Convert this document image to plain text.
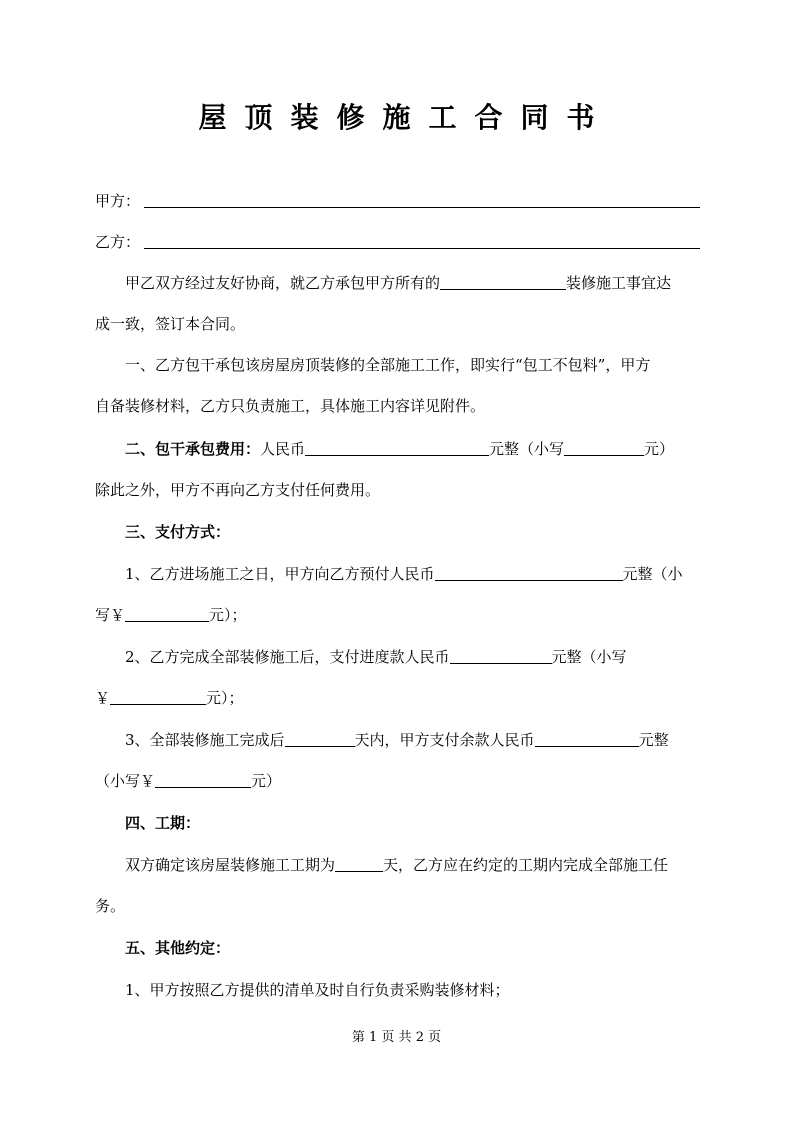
屋顶装修施工合同书
甲方：
乙方：
甲乙双方经过友好协商，就乙方承包甲方所有的	装修施工事宜达
成一致，签订本合同。
一、乙方包干承包该房屋房顶装修的全部施工工作，即实行“包工不包料”，甲方
自备装修材料，乙方只负责施工，具体施工内容详见附件。
二、包干承包费用：人民币	元整（小写	元）
除此之外，甲方不再向乙方支付任何费用。
三、支付方式：
1、乙方进场施工之日，甲方向乙方预付人民币	元整（小
写￥	元）；
2、乙方完成全部装修施工后，支付进度款人民币	元整（小写
￥	元）；
3、全部装修施工完成后	天内，甲方支付余款人民币	元整
（小写￥	元）
四、工期：
双方确定该房屋装修施工工期为	天，乙方应在约定的工期内完成全部施工任
务。
五、其他约定：
1、甲方按照乙方提供的清单及时自行负责采购装修材料；
第 1 页 共 2 页
